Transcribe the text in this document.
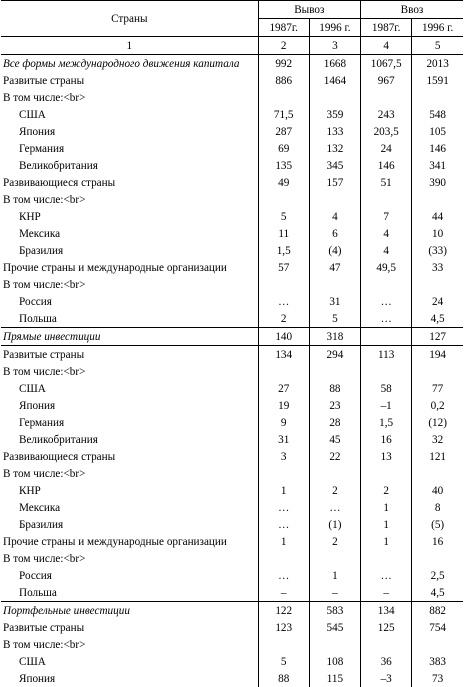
Страны	Вывоз		Ввоз	
	1987г.	1996 г.	1987г.	1996 г.
1	2	3	4	5
Все формы международного движения капитала	992	1668	1067,5	2013
Развитые страны	886	1464	967	1591
В том числе:<br>				
США	71,5	359	243	548
Япония	287	133	203,5	105
Германия	69	132	24	146
Великобритания	135	345	146	341
Развивающиеся страны	49	157	51	390
В том числе:<br>				
КНР	5	4	7	44
Мексика	11	6	4	10
Бразилия	1,5	(4)	4	(33)
Прочие страны и международные организации	57	47	49,5	33
В том числе:<br>				
Россия	…	31	…	24
Польша	2	5	…	4,5
Прямые инвестиции	140	318		127
Развитые страны	134	294	113	194
В том числе:<br>				
США	27	88	58	77
Япония	19	23	–1	0,2
Германия	9	28	1,5	(12)
Великобритания	31	45	16	32
Развивающиеся страны	3	22	13	121
В том числе:<br>				
КНР	1	2	2	40
Мексика	…	…	1	8
Бразилия	…	(1)	1	(5)
Прочие страны и международные организации	1	2	1	16
В том числе:<br>				
Россия	…	1	…	2,5
Польша	–	–	–	4,5
Портфельные инвестиции	122	583	134	882
Развитые страны	123	545	125	754
В том числе:<br>				
США	5	108	36	383
Япония	88	115	–3	73
